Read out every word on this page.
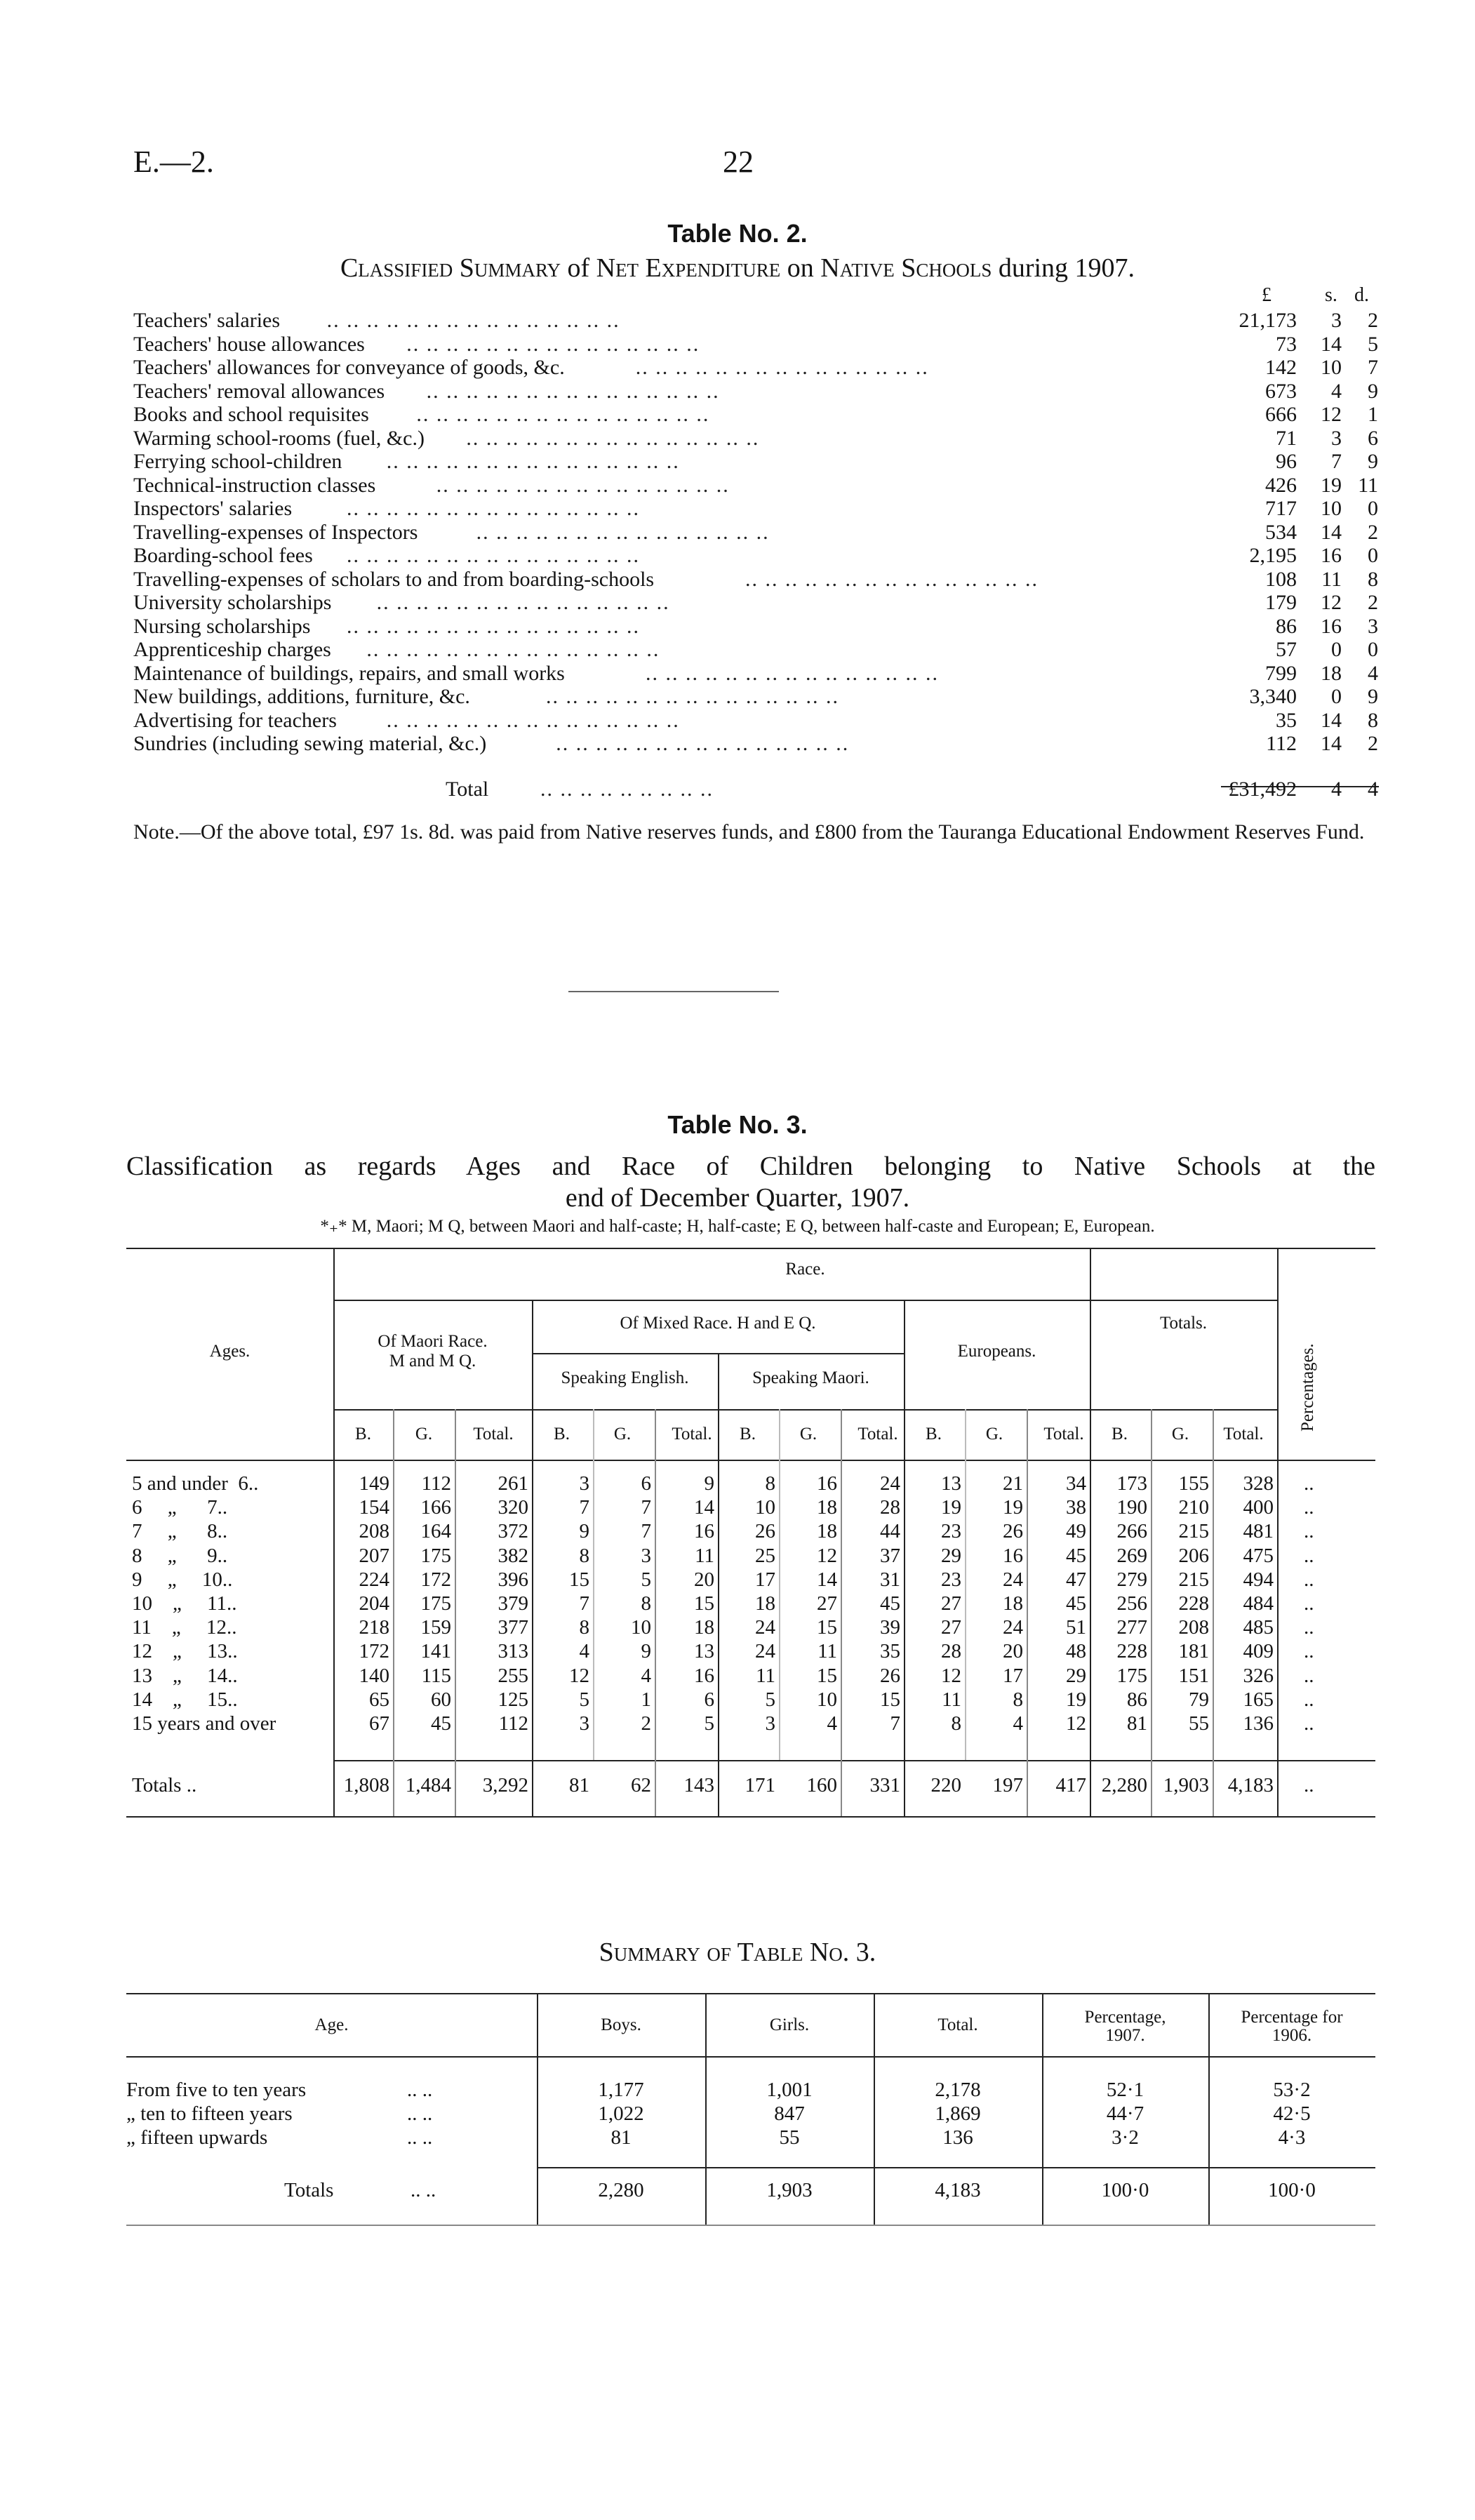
E.—2.	22
Table No. 2.
Classified Summary of Net Expenditure on Native Schools during 1907.
£	s. d.
Teachers' salaries .. .. .. .. .. .. .. .. .. .. .. .. .. .. ..	21,173	3	2
Teachers' house allowances .. .. .. .. .. .. .. .. .. .. .. .. .. .. ..	73	14	5
Teachers' allowances for conveyance of goods, &c.	.. .. .. .. .. .. .. .. .. .. .. .. .. .. ..	142	10	7
Teachers' removal allowances .. .. .. .. .. .. .. .. .. .. .. .. .. .. ..	673	4	9
Books and school requisites .. .. .. .. .. .. .. .. .. .. .. .. .. .. ..	666	12	1
Warming school-rooms (fuel, &c.) .. .. .. .. .. .. .. .. .. .. .. .. .. .. ..	71	3	6
Ferrying school-children .. .. .. .. .. .. .. .. .. .. .. .. .. .. ..	96	7	9
Technical-instruction classes	.. .. .. .. .. .. .. .. .. .. .. .. .. .. ..	426	19 11
Inspectors' salaries	.. .. .. .. .. .. .. .. .. .. .. .. .. .. ..	717	10	0
Travelling-expenses of Inspectors	.. .. .. .. .. .. .. .. .. .. .. .. .. .. ..	534	14	2
Boarding-school fees .. .. .. .. .. .. .. .. .. .. .. .. .. .. ..	2,195	16	0
Travelling-expenses of scholars to and from boarding-schools	.. .. .. .. .. .. .. .. .. .. .. .. .. .. ..	108	11	8
University scholarships .. .. .. .. .. .. .. .. .. .. .. .. .. .. ..	179	12	2
Nursing scholarships .. .. .. .. .. .. .. .. .. .. .. .. .. .. ..	86	16	3
Apprenticeship charges .. .. .. .. .. .. .. .. .. .. .. .. .. .. ..	57	0	0
Maintenance of buildings, repairs, and small works	.. .. .. .. .. .. .. .. .. .. .. .. .. .. ..	799	18	4
New buildings, additions, furniture, &c.	.. .. .. .. .. .. .. .. .. .. .. .. .. .. ..	3,340	0	9
Advertising for teachers .. .. .. .. .. .. .. .. .. .. .. .. .. .. ..	35	14	8
Sundries (including sewing material, &c.)	.. .. .. .. .. .. .. .. .. .. .. .. .. .. ..	112	14	2
Total .. .. .. .. .. .. .. .. ..	£31,492	4	4
Note.—Of the above total, £97 1s. 8d. was paid from Native reserves funds, and £800 from the Tauranga Educational Endowment Reserves Fund.
Table No. 3.
Classification as regards Ages and Race of Children belonging to Native Schools at the
end of December Quarter, 1907.
*₊* M, Maori; M Q, between Maori and half-caste; H, half-caste; E Q, between half-caste and European; E, European.
Ages.
Race.
Of Maori Race.
M and M Q.
Of Mixed Race. H and E Q.
Speaking English.	Speaking Maori.
Europeans.
Totals.
Percentages.
B.	G.	Total.	B.	G.	Total.	B.	G.	Total.	B.	G.	Total.	B.	G.	Total.
5 and under  6..	149	112	261	3	6	9	8	16	24	13	21	34	173	155	328 ..
6     „      7..	154	166	320	7	7	14	10	18	28	19	19	38	190	210	400 ..
7     „      8..	208	164	372	9	7	16	26	18	44	23	26	49	266	215	481 ..
8     „      9..	207	175	382	8	3	11	25	12	37	29	16	45	269	206	475 ..
9     „     10..	224	172	396	15	5	20	17	14	31	23	24	47	279	215	494 ..
10    „     11..	204	175	379	7	8	15	18	27	45	27	18	45	256	228	484 ..
11    „     12..	218	159	377	8	10	18	24	15	39	27	24	51	277	208	485 ..
12    „     13..	172	141	313	4	9	13	24	11	35	28	20	48	228	181	409 ..
13    „     14..	140	115	255	12	4	16	11	15	26	12	17	29	175	151	326 ..
14    „     15..	65	60	125	5	1	6	5	10	15	11	8	19	86	79	165 ..
15 years and over	67	45	112	3	2	5	3	4	7	8	4	12	81	55	136 ..
Totals ..	1,808 1,484	3,292	81	62	143	171	160	331	220	197	417 2,280 1,903 4,183 ..
Summary of Table No. 3.
Age.	Boys.	Girls.	Total.	Percentage, 1907.
Percentage for 1906.
From five to ten years	.. ..	1,177	1,001	2,178	52·1	53·2
„ ten to fifteen years	.. ..	1,022	847	1,869	44·7	42·5
„ fifteen upwards	.. ..	81	55	136	3·2	4·3
Totals	.. ..	2,280	1,903	4,183	100·0	100·0
